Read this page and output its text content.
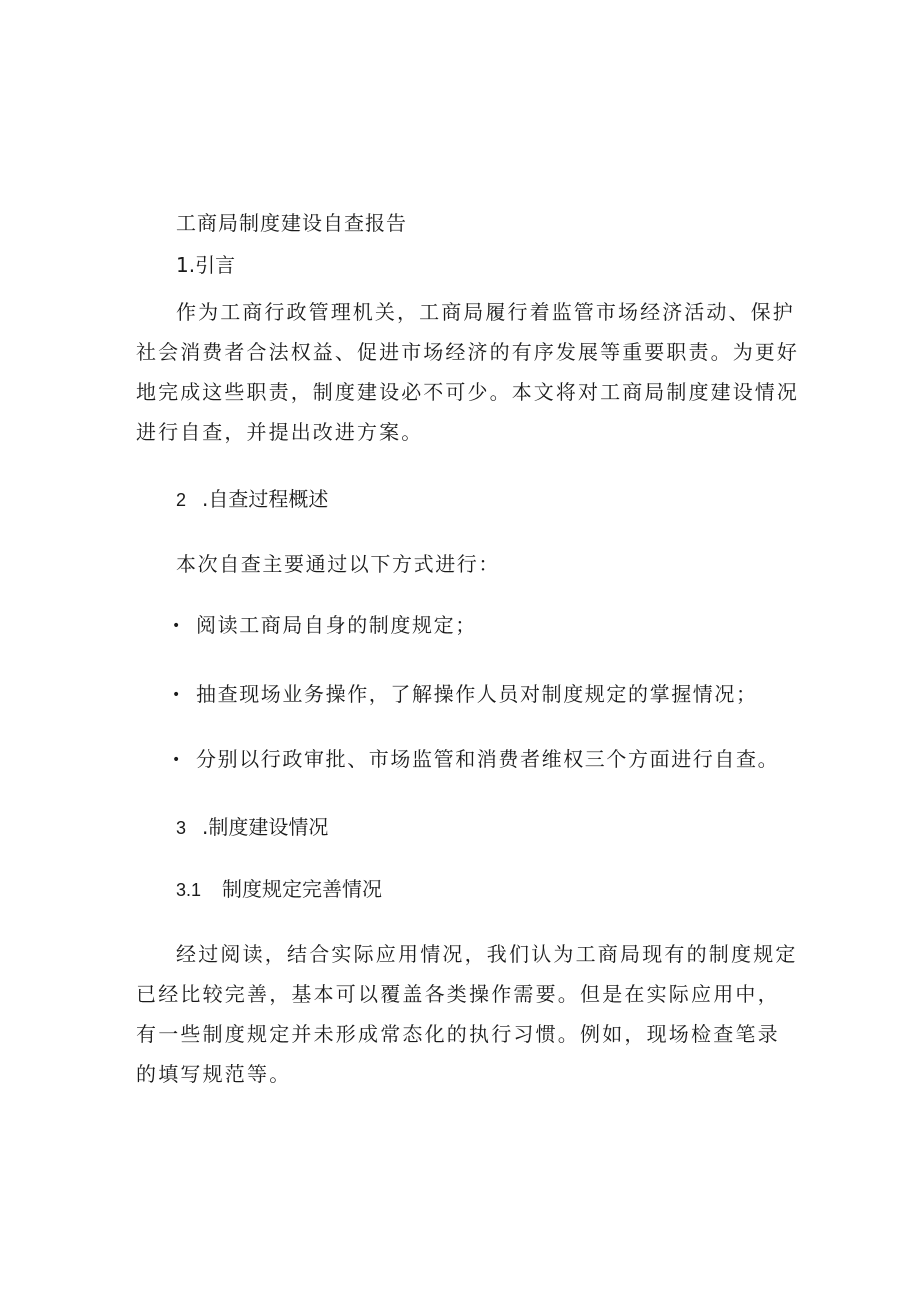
工商局制度建设自查报告
1.引言

作为工商行政管理机关，工商局履行着监管市场经济活动、保护社会消费者合法权益、促进市场经济的有序发展等重要职责。为更好地完成这些职责，制度建设必不可少。本文将对工商局制度建设情况进行自查，并提出改进方案。

2 .自查过程概述
本次自查主要通过以下方式进行：
• 阅读工商局自身的制度规定；
• 抽查现场业务操作，了解操作人员对制度规定的掌握情况；
• 分别以行政审批、市场监管和消费者维权三个方面进行自查。
3 .制度建设情况
3.1 制度规定完善情况

经过阅读，结合实际应用情况，我们认为工商局现有的制度规定已经比较完善，基本可以覆盖各类操作需要。但是在实际应用中，有一些制度规定并未形成常态化的执行习惯。例如，现场检查笔录的填写规范等。
